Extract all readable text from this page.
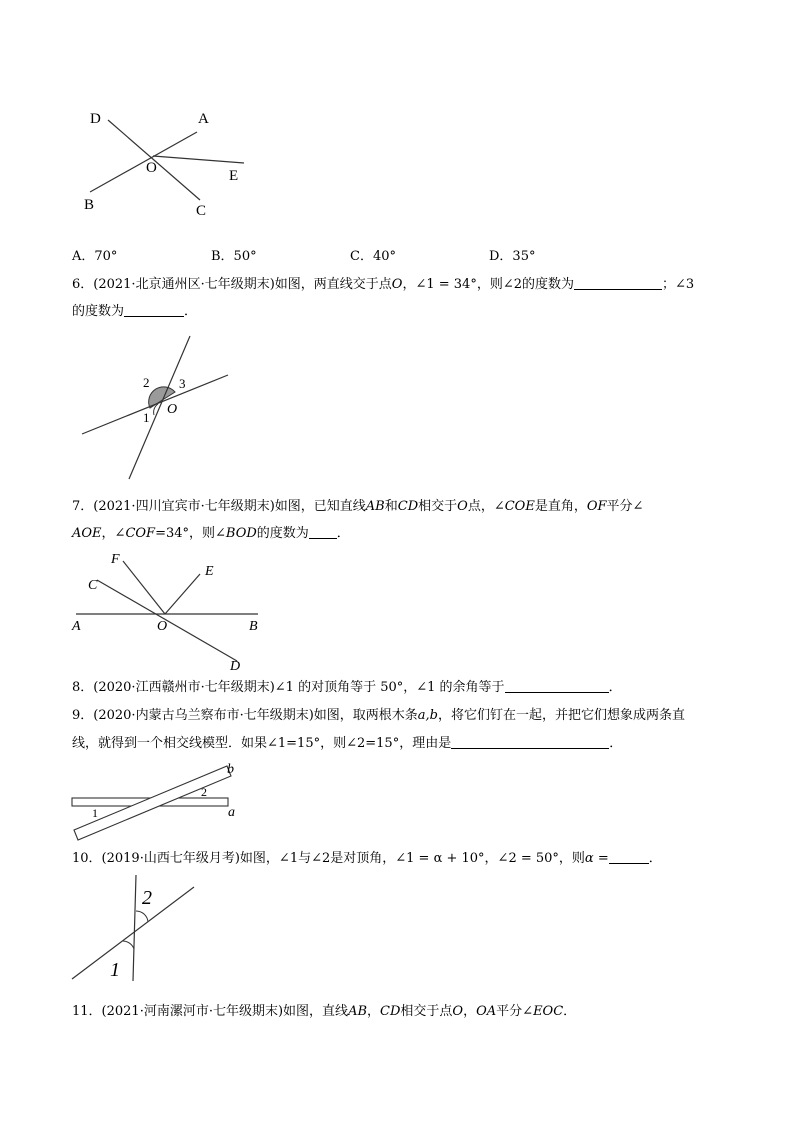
D	A
O	E
B	C
A．70°	B．50°	C．40°	D．35°
6．(2021·北京通州区·七年级期末)如图，两直线交于点O，∠1 = 34°，则∠2的度数为	；∠3
的度数为	．
2 3
1
O
7．(2021·四川宜宾市·七年级期末)如图，已知直线AB和CD相交于O点，∠COE是直角，OF平分∠
AOE，∠COF=34°，则∠BOD的度数为 ．
F
E
C
A	O	B
D
8．(2020·江西赣州市·七年级期末)∠1 的对顶角等于 50°，∠1 的余角等于	．
9．(2020·内蒙古乌兰察布市·七年级期末)如图，取两根木条a,b，将它们钉在一起，并把它们想象成两条直
线，就得到一个相交线模型．如果∠1=15°，则∠2=15°，理由是	．
b
2
1	a
10．(2019·山西七年级月考)如图，∠1与∠2是对顶角，∠1 = α + 10°，∠2 = 50°，则α =	．
2
1
11．(2021·河南漯河市·七年级期末)如图，直线AB，CD相交于点O，OA平分∠EOC．
